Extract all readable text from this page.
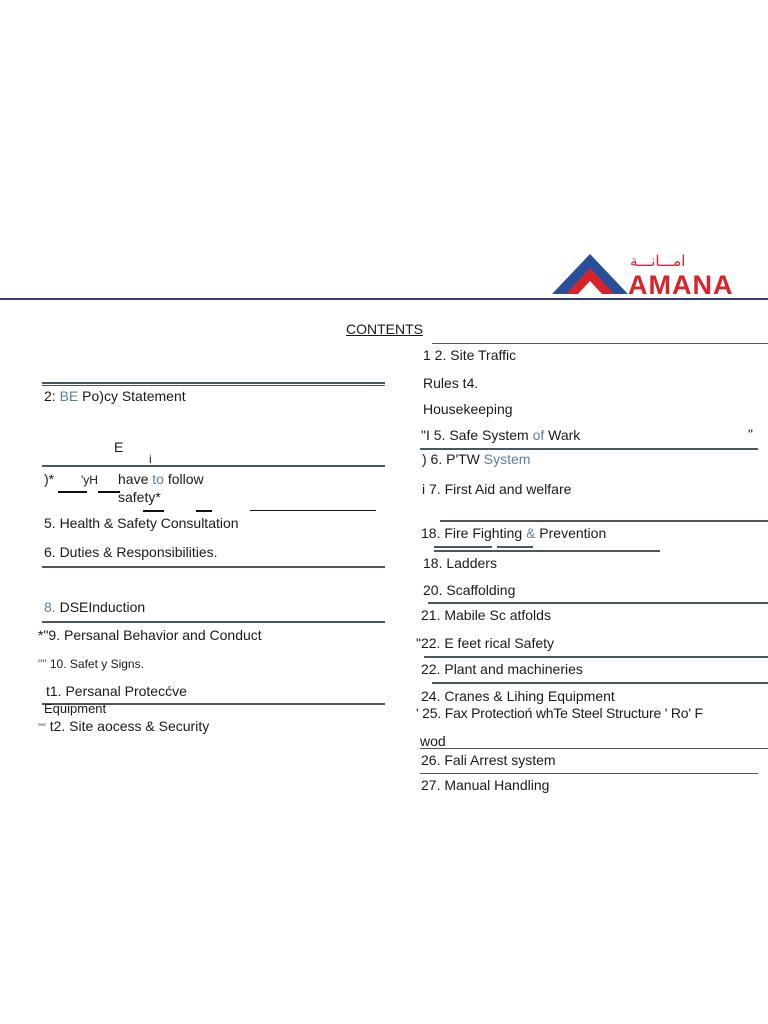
امـــانـــة
AMANA
CONTENTS
2: BE Po)cy Statement
E
i
)* 'yH have to follow
safety*
5. Health & Safety Consultation
6. Duties & Responsibilities.
8. DSEInduction
*"9. Persanal Behavior and Conduct
"" 10. Safet y Signs.
t1. Persanal Protecćve
Equipment
"" t2. Site aocess & Security
1 2. Site Traffic
Rules t4.
Housekeeping
"I 5. Safe System of Wark	"
) 6. P'TW System
i 7. First Aid and welfare
18. Fire Fighting & Prevention
18. Ladders
20. Scaffolding
21. Mabile Sc atfolds
"22. E feet rical Safety
22. Plant and machineries
24. Cranes & Lihing Equipment
' 25. Fax Protectioń whTe Steel Structure ' Ro' F
wod
26. Fali Arrest system
27. Manual Handling
